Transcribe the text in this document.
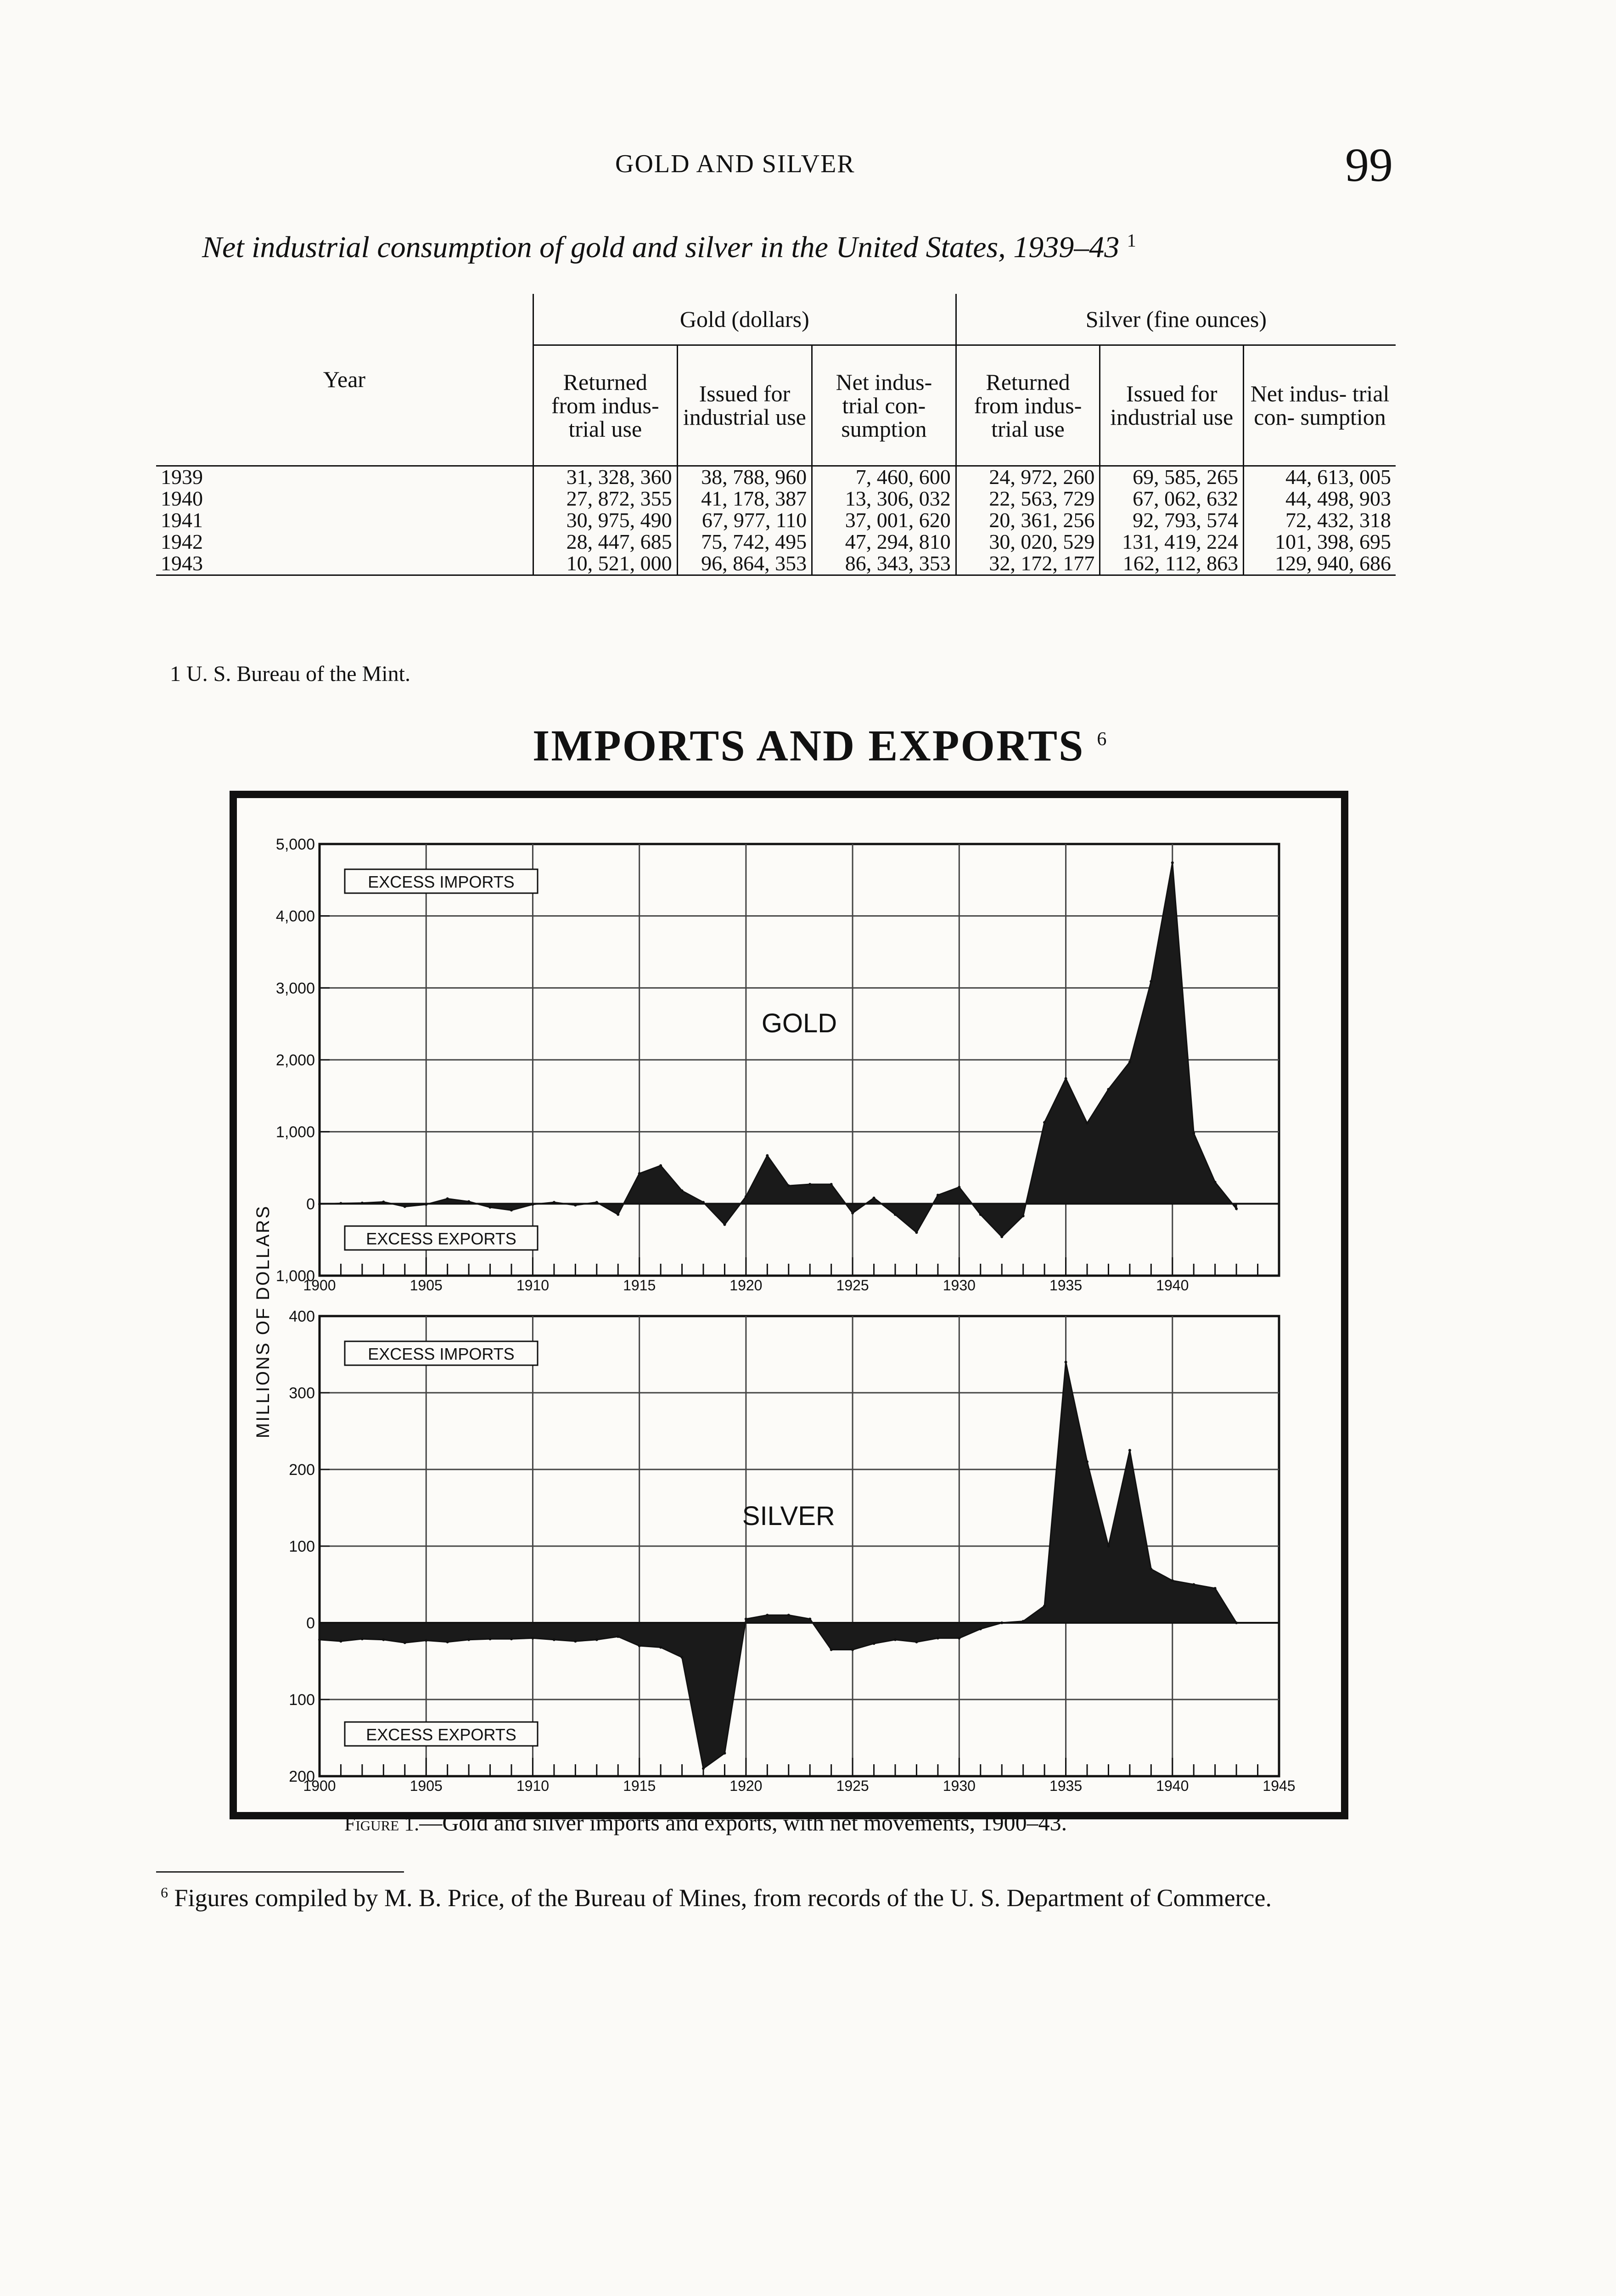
GOLD AND SILVER	99
Net industrial consumption of gold and silver in the United States, 1939–43 $^1$
Year	Gold (dollars)			Silver (fine ounces)		
	Returned from indus- trial use	Issued for industrial use	Net indus- trial con- sumption	Returned from indus- trial use	Issued for industrial use	Net indus- trial con- sumption
1939	31, 328, 360	38, 788, 960	7, 460, 600	24, 972, 260	69, 585, 265	44, 613, 005
1940	27, 872, 355	41, 178, 387	13, 306, 032	22, 563, 729	67, 062, 632	44, 498, 903
1941	30, 975, 490	67, 977, 110	37, 001, 620	20, 361, 256	92, 793, 574	72, 432, 318
1942	28, 447, 685	75, 742, 495	47, 294, 810	30, 020, 529	131, 419, 224	101, 398, 695
1943	10, 521, 000	96, 864, 353	86, 343, 353	32, 172, 177	162, 112, 863	129, 940, 686
1 U. S. Bureau of the Mint.
IMPORTS AND EXPORTS $^6$
5,000
4,000
3,000
2,000
1,000
0
1,000
1900	1905	1910	1915	1920	1925	1930	1935	1940
EXCESS IMPORTS
EXCESS EXPORTS
GOLD
400
300
200
100
0
100
200
1900	1905	1910	1915	1920	1925	1930	1935	1940	1945
EXCESS IMPORTS
EXCESS EXPORTS
SILVER
MILLIONS OF DOLLARS
Figure 1.—Gold and silver imports and exports, with net movements, 1900–43.
$^6$ Figures compiled by M. B. Price, of the Bureau of Mines, from records of the U. S. Department of Commerce.
